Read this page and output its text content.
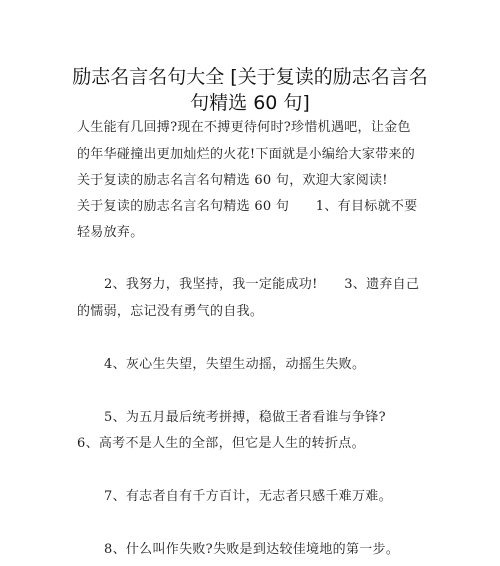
励志名言名句大全 [关于复读的励志名言名
句精选 60 句]
人生能有几回搏?现在不搏更待何时?珍惜机遇吧，让金色
的年华碰撞出更加灿烂的火花!下面就是小编给大家带来的
关于复读的励志名言名句精选 60 句，欢迎大家阅读!
关于复读的励志名言名句精选 60 句　　1、有目标就不要
轻易放弃。
2、我努力，我坚持，我一定能成功!　　3、遗弃自己
的懦弱，忘记没有勇气的自我。
4、灰心生失望，失望生动摇，动摇生失败。
5、为五月最后统考拼搏，稳做王者看谁与争锋?
6、高考不是人生的全部，但它是人生的转折点。
7、有志者自有千方百计，无志者只感千难万难。
8、什么叫作失败?失败是到达较佳境地的第一步。
